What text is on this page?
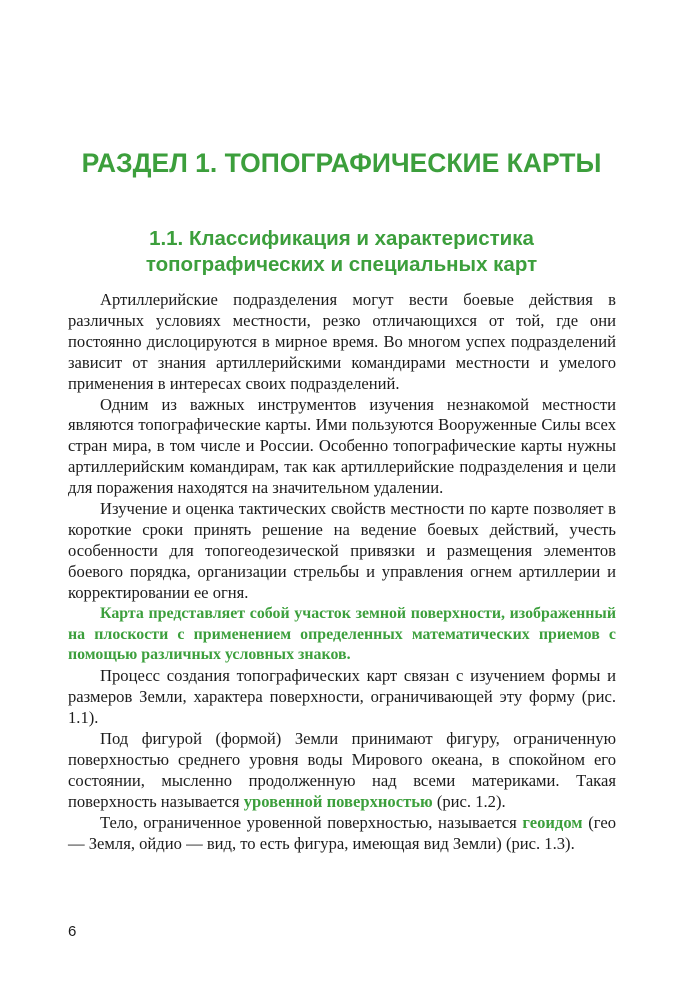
РАЗДЕЛ 1. ТОПОГРАФИЧЕСКИЕ КАРТЫ
1.1. Классификация и характеристика
топографических и специальных карт

Артиллерийские подразделения могут вести боевые действия в различных условиях местности, резко отличающихся от той, где они постоянно дислоцируются в мирное время. Во многом успех подразделений зависит от знания артиллерийскими командирами местности и умелого применения в интересах своих подразделений.

Одним из важных инструментов изучения незнакомой местности являются топографические карты. Ими пользуются Вооруженные Силы всех стран мира, в том числе и России. Особенно топографические карты нужны артиллерийским командирам, так как артиллерийские подразделения и цели для поражения находятся на значительном удалении.

Изучение и оценка тактических свойств местности по карте позволяет в короткие сроки принять решение на ведение боевых действий, учесть особенности для топогеодезической привязки и размещения элементов боевого порядка, организации стрельбы и управления огнем артиллерии и корректировании ее огня.

Карта представляет собой участок земной поверхности, изображенный на плоскости с применением определенных математических приемов с помощью различных условных знаков.

Процесс создания топографических карт связан с изучением формы и размеров Земли, характера поверхности, ограничивающей эту форму (рис. 1.1).

Под фигурой (формой) Земли принимают фигуру, ограниченную поверхностью среднего уровня воды Мирового океана, в спокойном его состоянии, мысленно продолженную над всеми материками. Такая поверхность называется уровенной поверхностью (рис. 1.2).

Тело, ограниченное уровенной поверхностью, называется геоидом (гео — Земля, ойдио — вид, то есть фигура, имеющая вид Земли) (рис. 1.3).

6
